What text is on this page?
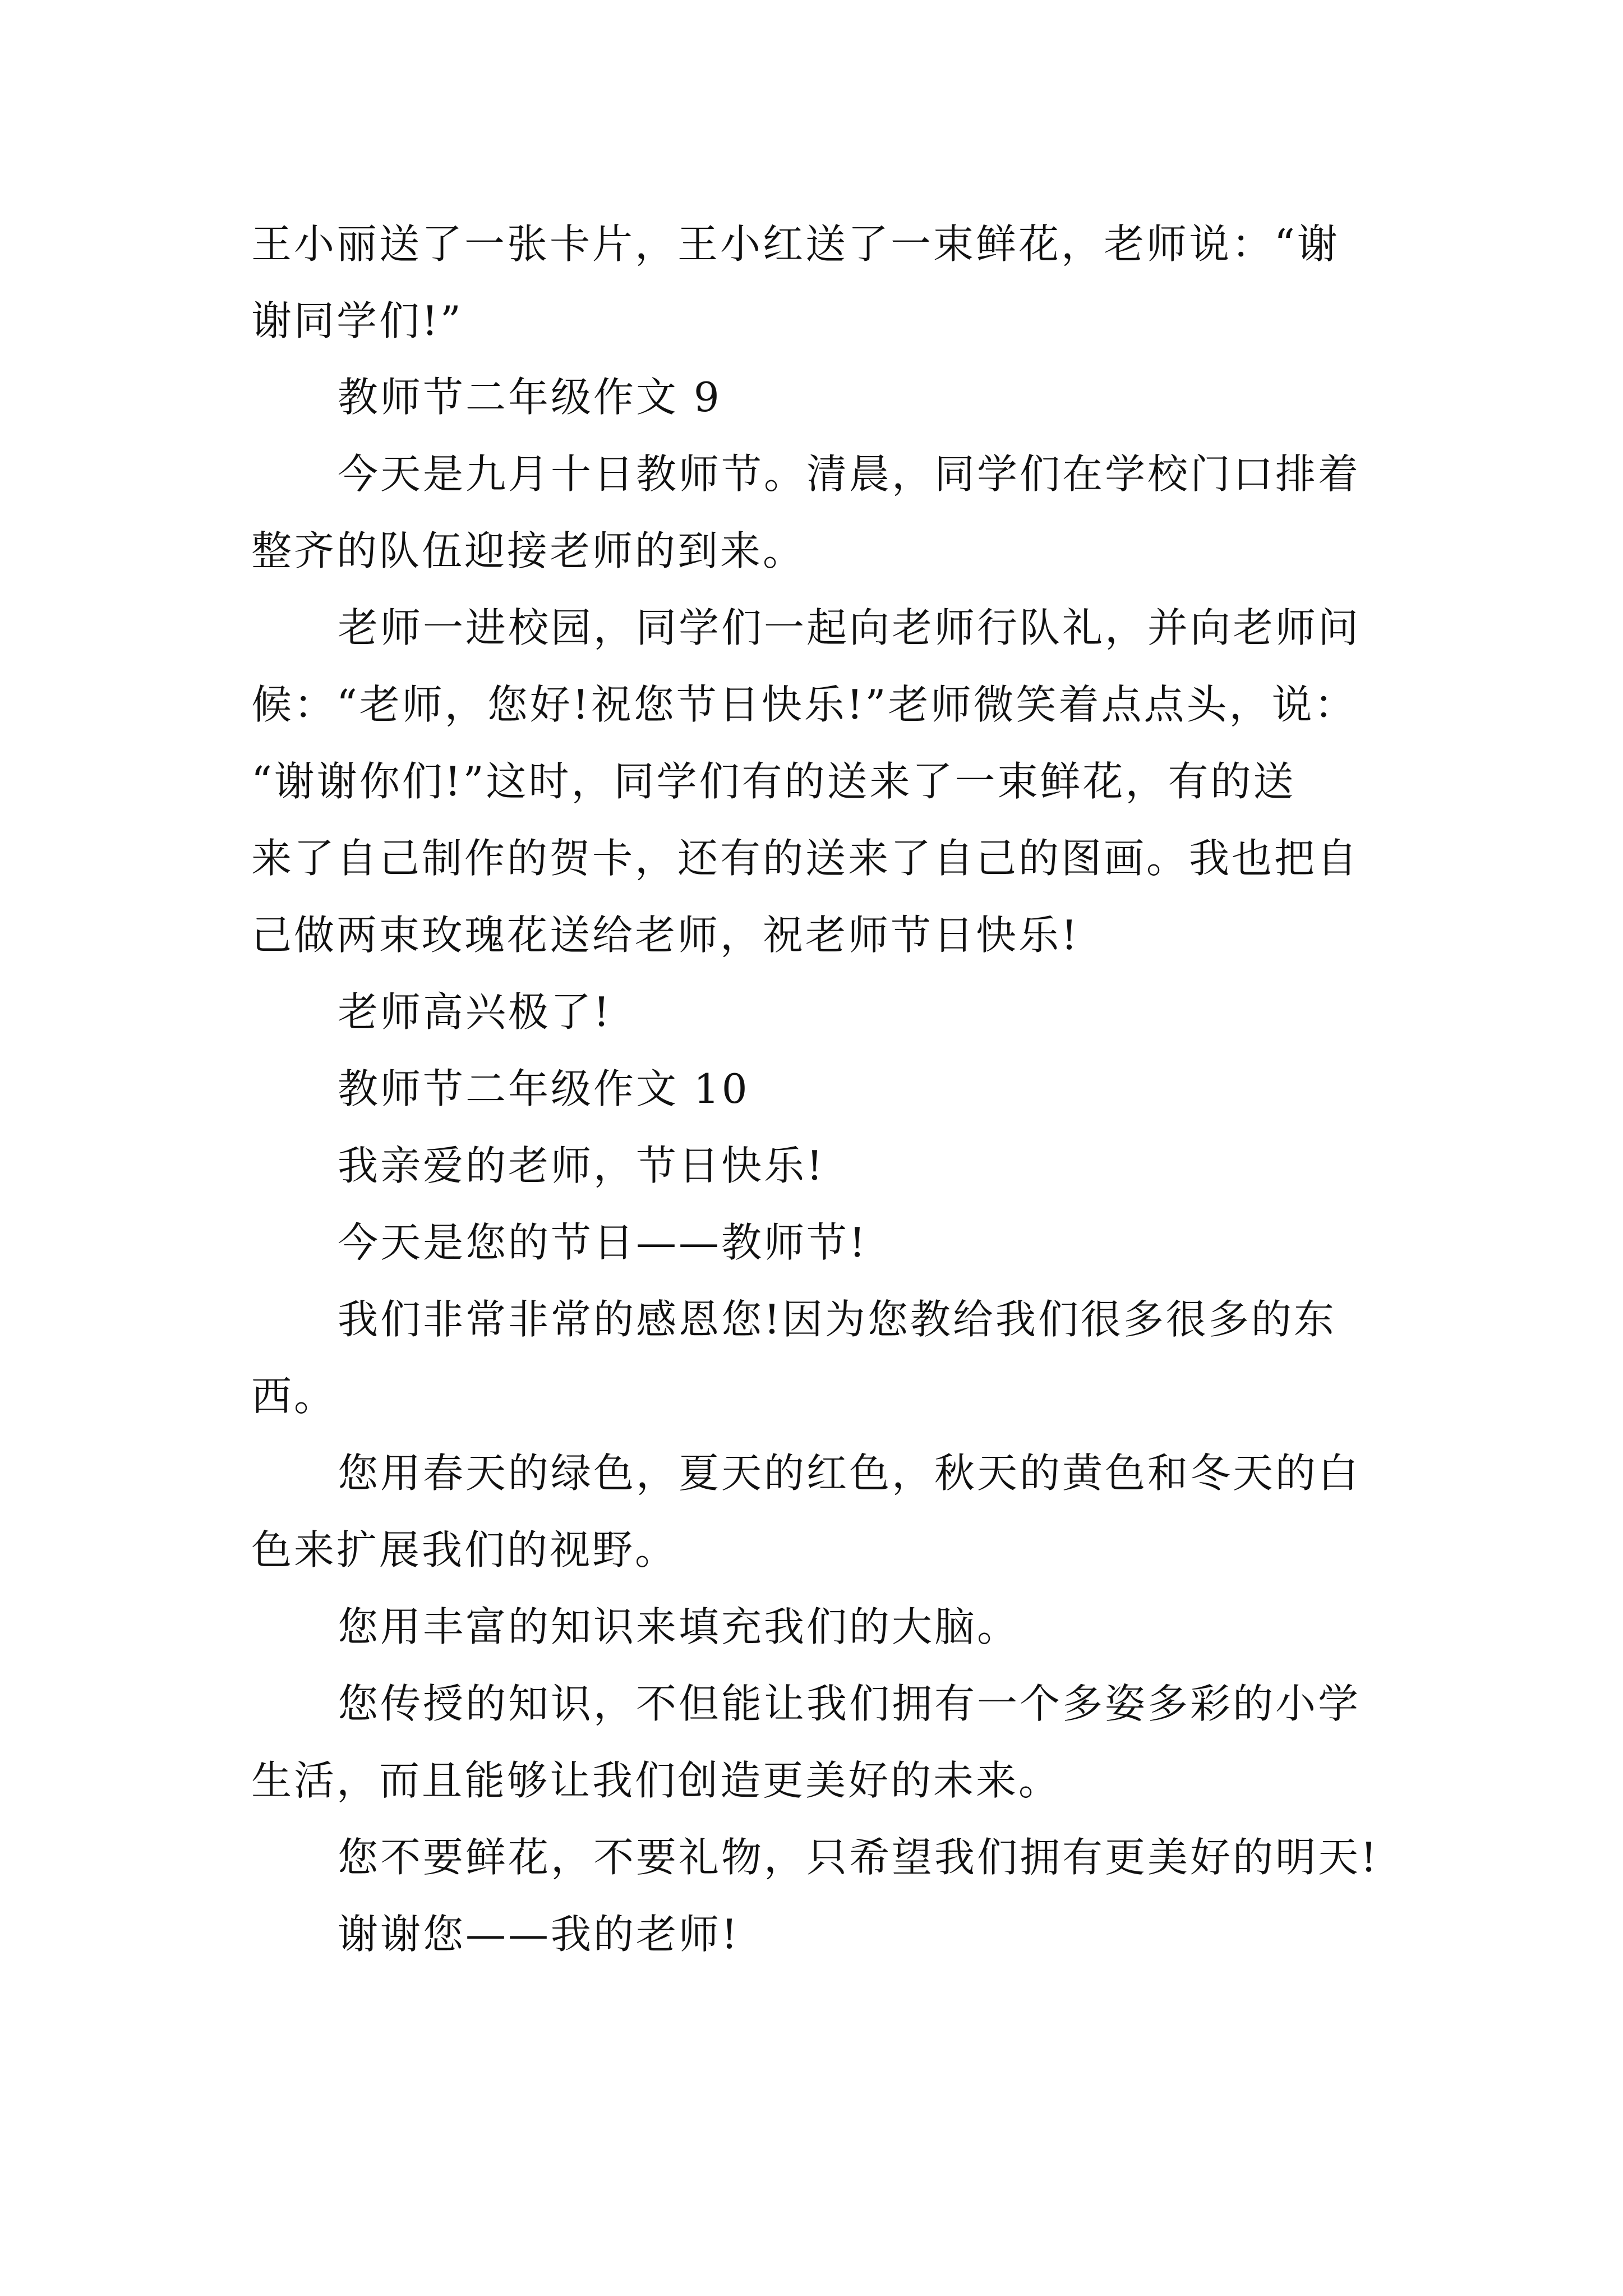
王小丽送了一张卡片，王小红送了一束鲜花，老师说：“谢
谢同学们!”
教师节二年级作文 9
今天是九月十日教师节。清晨，同学们在学校门口排着
整齐的队伍迎接老师的到来。
老师一进校园，同学们一起向老师行队礼，并向老师问
候：“老师，您好!祝您节日快乐!”老师微笑着点点头，说：
“谢谢你们!”这时，同学们有的送来了一束鲜花，有的送
来了自己制作的贺卡，还有的送来了自己的图画。我也把自
己做两束玫瑰花送给老师，祝老师节日快乐!
老师高兴极了!
教师节二年级作文 10
我亲爱的老师，节日快乐!
今天是您的节日——教师节!
我们非常非常的感恩您!因为您教给我们很多很多的东
西。
您用春天的绿色，夏天的红色，秋天的黄色和冬天的白
色来扩展我们的视野。
您用丰富的知识来填充我们的大脑。
您传授的知识，不但能让我们拥有一个多姿多彩的小学
生活，而且能够让我们创造更美好的未来。
您不要鲜花，不要礼物，只希望我们拥有更美好的明天!
谢谢您——我的老师!
